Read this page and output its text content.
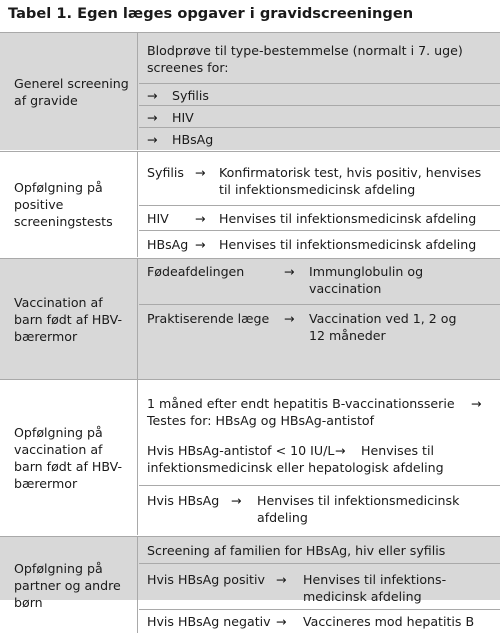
Tabel 1. Egen læges opgaver i gravidscreeningen
Generel screening
af gravide
Blodprøve til type-bestemmelse (normalt i 7. uge)
screenes for:
→ Syfilis
→ HIV
→ HBsAg
Opfølgning på
positive
screeningstests
Syfilis → Konfirmatorisk test, hvis positiv, henvises
til infektionsmedicinsk afdeling
HIV → Henvises til infektionsmedicinsk afdeling
HBsAg → Henvises til infektionsmedicinsk afdeling
Vaccination af
barn født af HBV-
bærermor
Fødeafdelingen	→ Immunglobulin og
vaccination
Praktiserende læge → Vaccination ved 1, 2 og
12 måneder
Opfølgning på
vaccination af
barn født af HBV-
bærermor
1 måned efter endt hepatitis B-vaccinationsserie →
Testes for: HBsAg og HBsAg-antistof
Hvis HBsAg-antistof < 10 IU/L → Henvises til
infektionsmedicinsk eller hepatologisk afdeling
Hvis HBsAg → Henvises til infektionsmedicinsk
afdeling
Opfølgning på
partner og andre
børn
Screening af familien for HBsAg, hiv eller syfilis
Hvis HBsAg positiv → Henvises til infektions-
medicinsk afdeling
Hvis HBsAg negativ → Vaccineres mod hepatitis B
